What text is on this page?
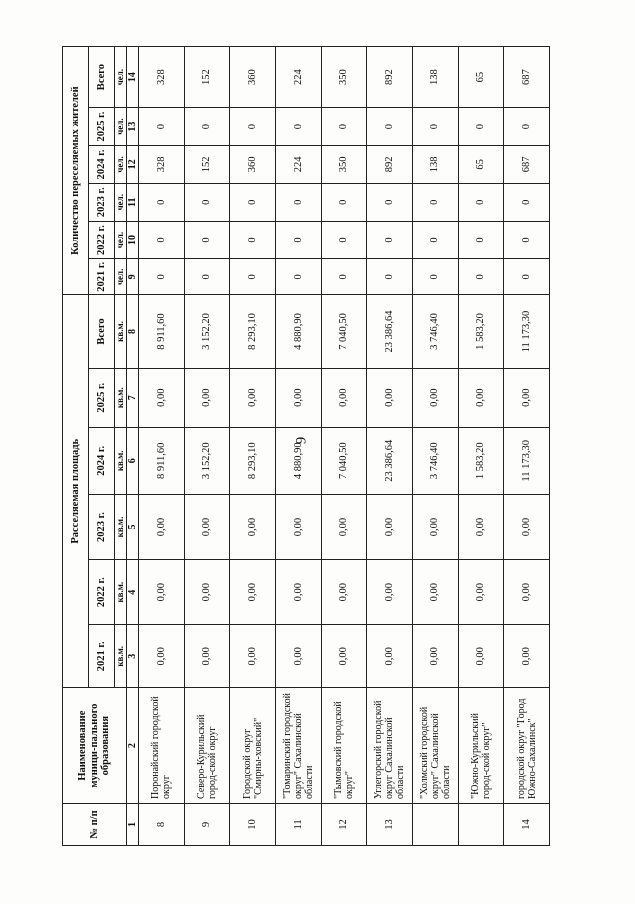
9
№ п/п	Наименование муници-пального образования	Расселяемая площадь						Количество переселяемых жителей					
		2021 г.	2022 г.	2023 г.	2024 г.	2025 г.	Всего	2021 г.	2022 г.	2023 г.	2024 г.	2025 г.	Всего
		кв.м.	кв.м.	кв.м.	кв.м.	кв.м.	кв.м.	чел.	чел.	чел.	чел.	чел.	чел.
1	2	3	4	5	6	7	8	9	10	11	12	13	14
8	Поронайский городской округ	0,00	0,00	0,00	8 911,60	0,00	8 911,60	0	0	0	328	0	328
9	Северо-Курильский город-ской округ	0,00	0,00	0,00	3 152,20	0,00	3 152,20	0	0	0	152	0	152
10	Городской округ "Смирны-ховский"	0,00	0,00	0,00	8 293,10	0,00	8 293,10	0	0	0	360	0	360
11	"Томаринский городской округ" Сахалинской области	0,00	0,00	0,00	4 880,90	0,00	4 880,90	0	0	0	224	0	224
12	"Тымовский городской округ"	0,00	0,00	0,00	7 040,50	0,00	7 040,50	0	0	0	350	0	350
13	Углегорский городской округ Сахалинской области	0,00	0,00	0,00	23 386,64	0,00	23 386,64	0	0	0	892	0	892
	"Холмский городской округ" Сахалинской области	0,00	0,00	0,00	3 746,40	0,00	3 746,40	0	0	0	138	0	138
	"Южно-Курильский город-ской округ"	0,00	0,00	0,00	1 583,20	0,00	1 583,20	0	0	0	65	0	65
14	городской округ "Город Южно-Сахалинск"	0,00	0,00	0,00	11 173,30	0,00	11 173,30	0	0	0	687	0	687
